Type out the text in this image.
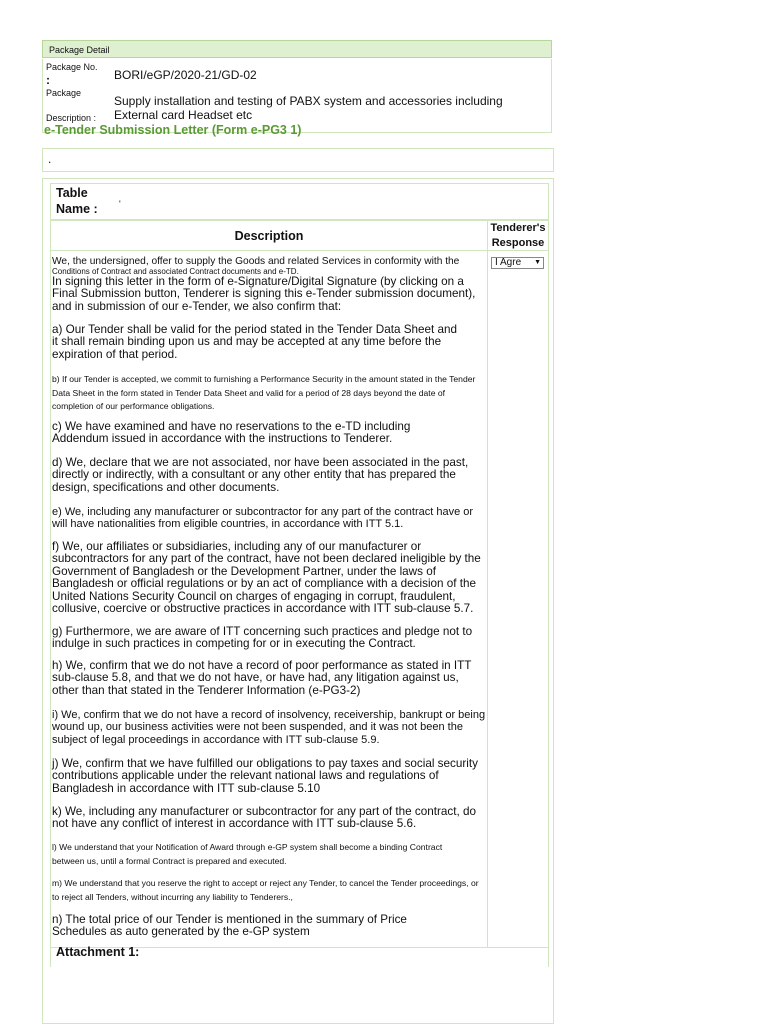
Package Detail
Package No.
:	BORI/eGP/2020-21/GD-02
Package
Description :
Supply installation and testing of PABX system and accessories including External card Headset etc
e-Tender Submission Letter (Form e-PG3 1)
.
Table
Name : '
Description
Tenderer's
Response
I Agre ▼
We, the undersigned, offer to supply the Goods and related Services in conformity with the
Conditions of Contract and associated Contract documents and e-TD.
In signing this letter in the form of e-Signature/Digital Signature (by clicking on a Final Submission button, Tenderer is signing this e-Tender submission document), and in submission of our e-Tender, we also confirm that:
a) Our Tender shall be valid for the period stated in the Tender Data Sheet and it shall remain binding upon us and may be accepted at any time before the expiration of that period.
b) If our Tender is accepted, we commit to furnishing a Performance Security in the amount stated in the Tender Data Sheet in the form stated in Tender Data Sheet and valid for a period of 28 days beyond the date of completion of our performance obligations.
c) We have examined and have no reservations to the e-TD including Addendum issued in accordance with the instructions to Tenderer.
d) We, declare that we are not associated, nor have been associated in the past, directly or indirectly, with a consultant or any other entity that has prepared the design, specifications and other documents.
e) We, including any manufacturer or subcontractor for any part of the contract have or will have nationalities from eligible countries, in accordance with ITT 5.1.
f) We, our affiliates or subsidiaries, including any of our manufacturer or subcontractors for any part of the contract, have not been declared ineligible by the Government of Bangladesh or the Development Partner, under the laws of Bangladesh or official regulations or by an act of compliance with a decision of the United Nations Security Council on charges of engaging in corrupt, fraudulent, collusive, coercive or obstructive practices in accordance with ITT sub-clause 5.7.
g) Furthermore, we are aware of ITT concerning such practices and pledge not to indulge in such practices in competing for or in executing the Contract.
h) We, confirm that we do not have a record of poor performance as stated in ITT sub-clause 5.8, and that we do not have, or have had, any litigation against us, other than that stated in the Tenderer Information (e-PG3-2)
i) We, confirm that we do not have a record of insolvency, receivership, bankrupt or being wound up, our business activities were not been suspended, and it was not been the subject of legal proceedings in accordance with ITT sub-clause 5.9.
j) We, confirm that we have fulfilled our obligations to pay taxes and social security contributions applicable under the relevant national laws and regulations of Bangladesh in accordance with ITT sub-clause 5.10
k) We, including any manufacturer or subcontractor for any part of the contract, do not have any conflict of interest in accordance with ITT sub-clause 5.6.
l) We understand that your Notification of Award through e-GP system shall become a binding Contract between us, until a formal Contract is prepared and executed.
m) We understand that you reserve the right to accept or reject any Tender, to cancel the Tender proceedings, or to reject all Tenders, without incurring any liability to Tenderers.,
n) The total price of our Tender is mentioned in the summary of Price Schedules as auto generated by the e-GP system
Attachment 1:
